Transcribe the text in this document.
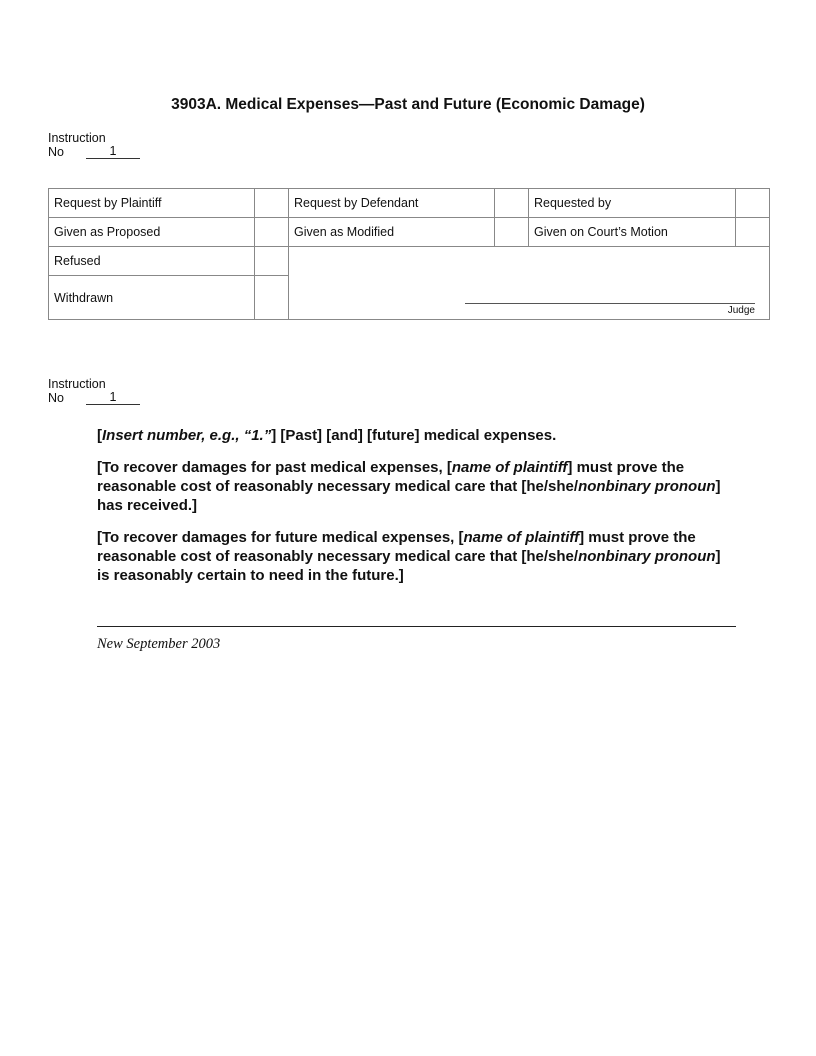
3903A. Medical Expenses—Past and Future (Economic Damage)
Instruction
No	1
Request by Plaintiff		Request by Defendant		Requested by	
Given as Proposed		Given as Modified		Given on Court’s Motion	
Refused		Judge			

Withdrawn					
Instruction
No	1

[Insert number, e.g., “1.”] [Past] [and] [future] medical expenses.

[To recover damages for past medical expenses, [name of plaintiff] must prove the reasonable cost of reasonably necessary medical care that [he/she/nonbinary pronoun] has received.]

[To recover damages for future medical expenses, [name of plaintiff] must prove the reasonable cost of reasonably necessary medical care that [he/she/nonbinary pronoun] is reasonably certain to need in the future.]

New September 2003
